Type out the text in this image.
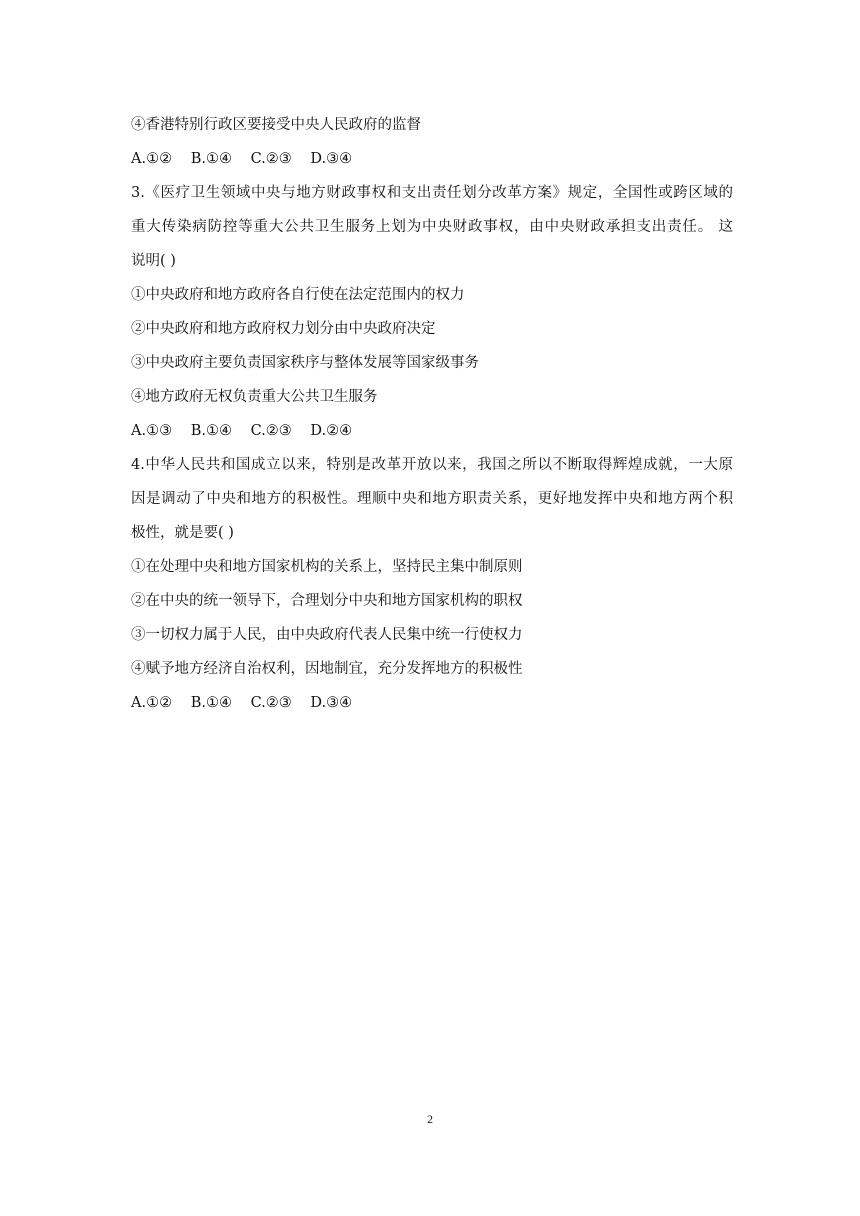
④香港特别行政区要接受中央人民政府的监督
A.①② B.①④ C.②③ D.③④
3.《医疗卫生领域中央与地方财政事权和支出责任划分改革方案》规定，全国性或跨区域的
重大传染病防控等重大公共卫生服务上划为中央财政事权，由中央财政承担支出责任。 这
说明( )
①中央政府和地方政府各自行使在法定范围内的权力
②中央政府和地方政府权力划分由中央政府决定
③中央政府主要负责国家秩序与整体发展等国家级事务
④地方政府无权负责重大公共卫生服务
A.①③ B.①④ C.②③ D.②④
4.中华人民共和国成立以来，特别是改革开放以来，我国之所以不断取得辉煌成就，一大原
因是调动了中央和地方的积极性。理顺中央和地方职责关系，更好地发挥中央和地方两个积
极性，就是要( )
①在处理中央和地方国家机构的关系上，坚持民主集中制原则
②在中央的统一领导下，合理划分中央和地方国家机构的职权
③一切权力属于人民，由中央政府代表人民集中统一行使权力
④赋予地方经济自治权利，因地制宜，充分发挥地方的积极性
A.①② B.①④ C.②③ D.③④
2
